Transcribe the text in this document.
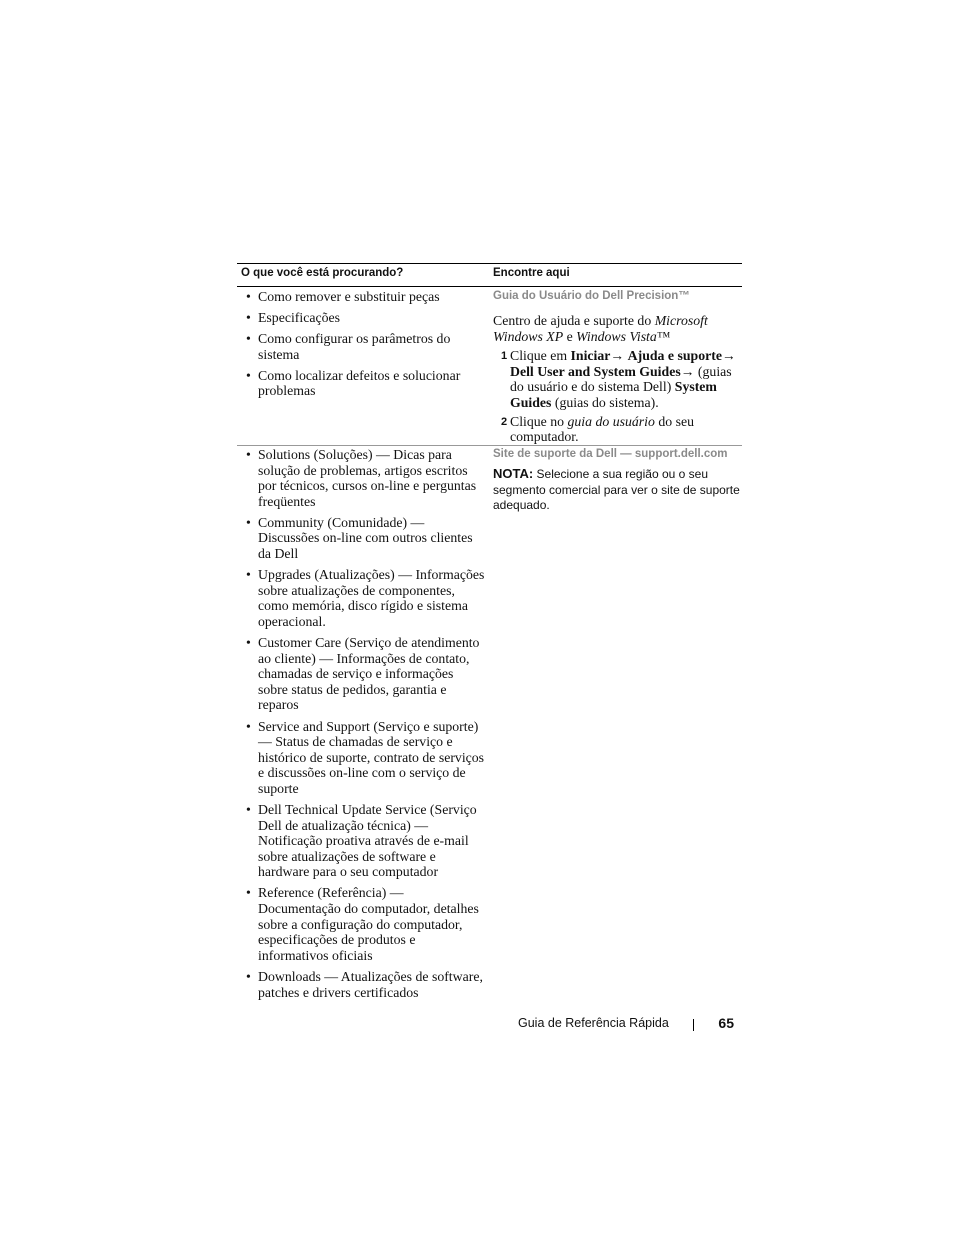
O que você está procurando?	Encontre aqui
• Como remover e substituir peças
• Especificações
• Como configurar os parâmetros do sistema
• Como localizar defeitos e solucionar problemas
Guia do Usuário do Dell Precision™
Centro de ajuda e suporte do Microsoft Windows XP e Windows Vista™
1 Clique em Iniciar→ Ajuda e suporte→ Dell User and System Guides→ (guias do usuário e do sistema Dell) System Guides (guias do sistema).
2 Clique no guia do usuário do seu computador.
• Solutions (Soluções) — Dicas para solução de problemas, artigos escritos por técnicos, cursos on-line e perguntas freqüentes
• Community (Comunidade) — Discussões on-line com outros clientes da Dell
• Upgrades (Atualizações) — Informações sobre atualizações de componentes, como memória, disco rígido e sistema operacional.
• Customer Care (Serviço de atendimento ao cliente) — Informações de contato, chamadas de serviço e informações sobre status de pedidos, garantia e reparos
• Service and Support (Serviço e suporte) — Status de chamadas de serviço e histórico de suporte, contrato de serviços e discussões on-line com o serviço de suporte
• Dell Technical Update Service (Serviço Dell de atualização técnica) — Notificação proativa através de e-mail sobre atualizações de software e hardware para o seu computador
• Reference (Referência) — Documentação do computador, detalhes sobre a configuração do computador, especificações de produtos e informativos oficiais
• Downloads — Atualizações de software, patches e drivers certificados
Site de suporte da Dell — support.dell.com
NOTA: Selecione a sua região ou o seu segmento comercial para ver o site de suporte adequado.
Guia de Referência Rápida	65
